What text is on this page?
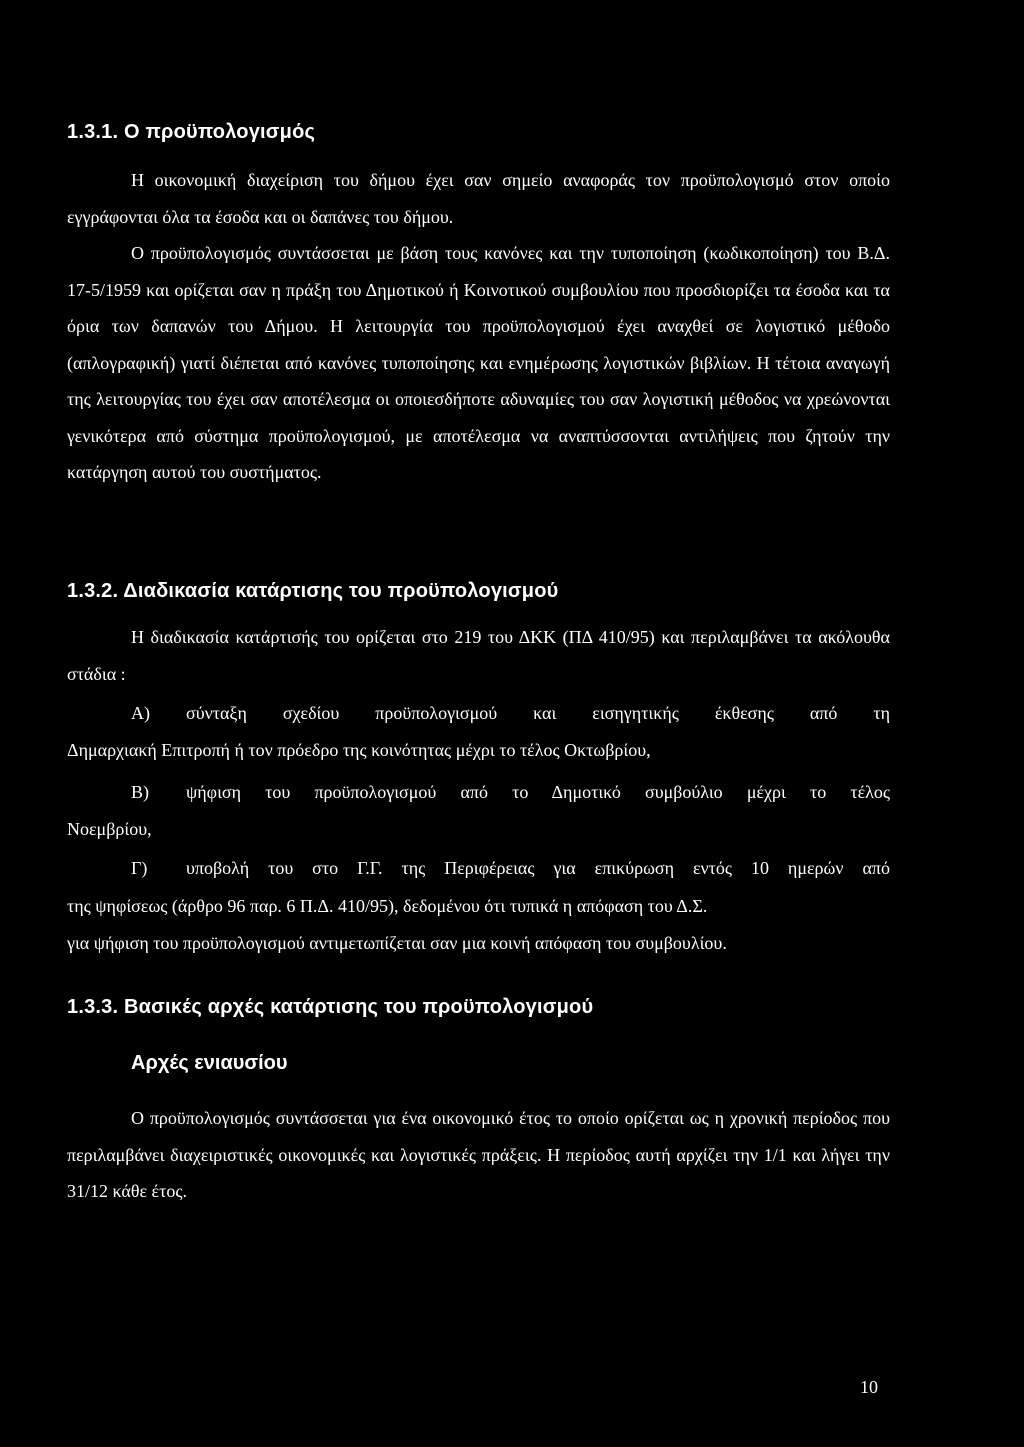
1.3.1. Ο προϋπολογισμός
Η οικονομική διαχείριση του δήμου έχει σαν σημείο αναφοράς τον προϋπολογισμό στον οποίο εγγράφονται όλα τα έσοδα και οι δαπάνες του δήμου.
Ο προϋπολογισμός συντάσσεται με βάση τους κανόνες και την τυποποίηση (κωδικοποίηση) του Β.Δ. 17-5/1959 και ορίζεται σαν η πράξη του Δημοτικού ή Κοινοτικού συμβουλίου που προσδιορίζει τα έσοδα και τα όρια των δαπανών του Δήμου. Η λειτουργία του προϋπολογισμού έχει αναχθεί σε λογιστικό μέθοδο (απλογραφική) γιατί διέπεται από κανόνες τυποποίησης και ενημέρωσης λογιστικών βιβλίων. Η τέτοια αναγωγή της λειτουργίας του έχει σαν αποτέλεσμα οι οποιεσδήποτε αδυναμίες του σαν λογιστική μέθοδος να χρεώνονται γενικότερα από σύστημα προϋπολογισμού, με αποτέλεσμα να αναπτύσσονται αντιλήψεις που ζητούν την κατάργηση αυτού του συστήματος.
1.3.2. Διαδικασία κατάρτισης του προϋπολογισμού
Η διαδικασία κατάρτισής του ορίζεται στο 219 του ΔΚΚ (ΠΔ 410/95) και περιλαμβάνει τα ακόλουθα στάδια :
Α)	σύνταξη σχεδίου προϋπολογισμού και εισηγητικής έκθεσης από τη
Δημαρχιακή Επιτροπή ή τον πρόεδρο της κοινότητας μέχρι το τέλος Οκτωβρίου,
Β)	ψήφιση του προϋπολογισμού από το Δημοτικό συμβούλιο μέχρι το τέλος
Νοεμβρίου,
Γ)	υποβολή του στο Γ.Γ. της Περιφέρειας για επικύρωση εντός 10 ημερών από
της ψηφίσεως (άρθρο 96 παρ. 6 Π.Δ. 410/95), δεδομένου ότι τυπικά η απόφαση του Δ.Σ.
για ψήφιση του προϋπολογισμού αντιμετωπίζεται σαν μια κοινή απόφαση του συμβουλίου.
1.3.3. Βασικές αρχές κατάρτισης του προϋπολογισμού
Αρχές ενιαυσίου
Ο προϋπολογισμός συντάσσεται για ένα οικονομικό έτος το οποίο ορίζεται ως η χρονική περίοδος που περιλαμβάνει διαχειριστικές οικονομικές και λογιστικές πράξεις. Η περίοδος αυτή αρχίζει την 1/1 και λήγει την 31/12 κάθε έτος.
10
